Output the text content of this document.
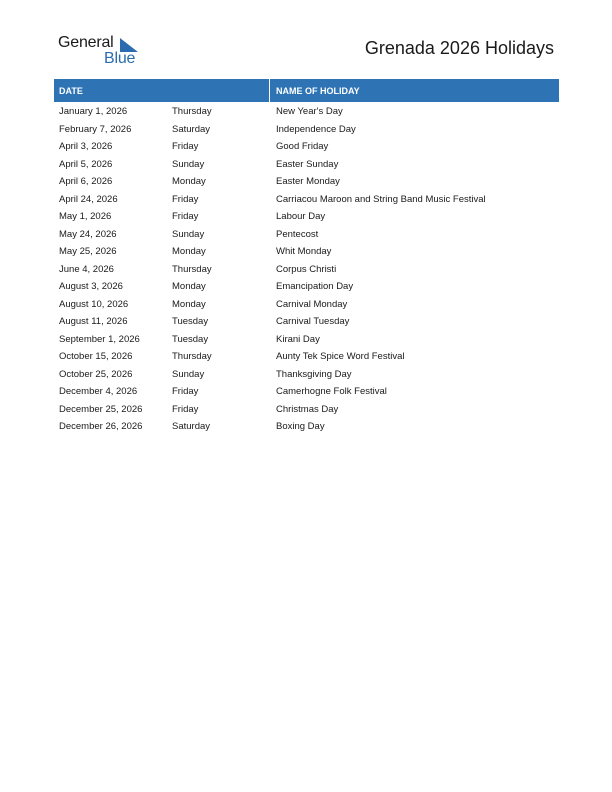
General
Blue
Grenada 2026 Holidays
DATE	NAME OF HOLIDAY
January 1, 2026	Thursday	New Year's Day
February 7, 2026	Saturday	Independence Day
April 3, 2026	Friday	Good Friday
April 5, 2026	Sunday	Easter Sunday
April 6, 2026	Monday	Easter Monday
April 24, 2026	Friday	Carriacou Maroon and String Band Music Festival
May 1, 2026	Friday	Labour Day
May 24, 2026	Sunday	Pentecost
May 25, 2026	Monday	Whit Monday
June 4, 2026	Thursday	Corpus Christi
August 3, 2026	Monday	Emancipation Day
August 10, 2026	Monday	Carnival Monday
August 11, 2026	Tuesday	Carnival Tuesday
September 1, 2026	Tuesday	Kirani Day
October 15, 2026	Thursday	Aunty Tek Spice Word Festival
October 25, 2026	Sunday	Thanksgiving Day
December 4, 2026	Friday	Camerhogne Folk Festival
December 25, 2026	Friday	Christmas Day
December 26, 2026	Saturday	Boxing Day
